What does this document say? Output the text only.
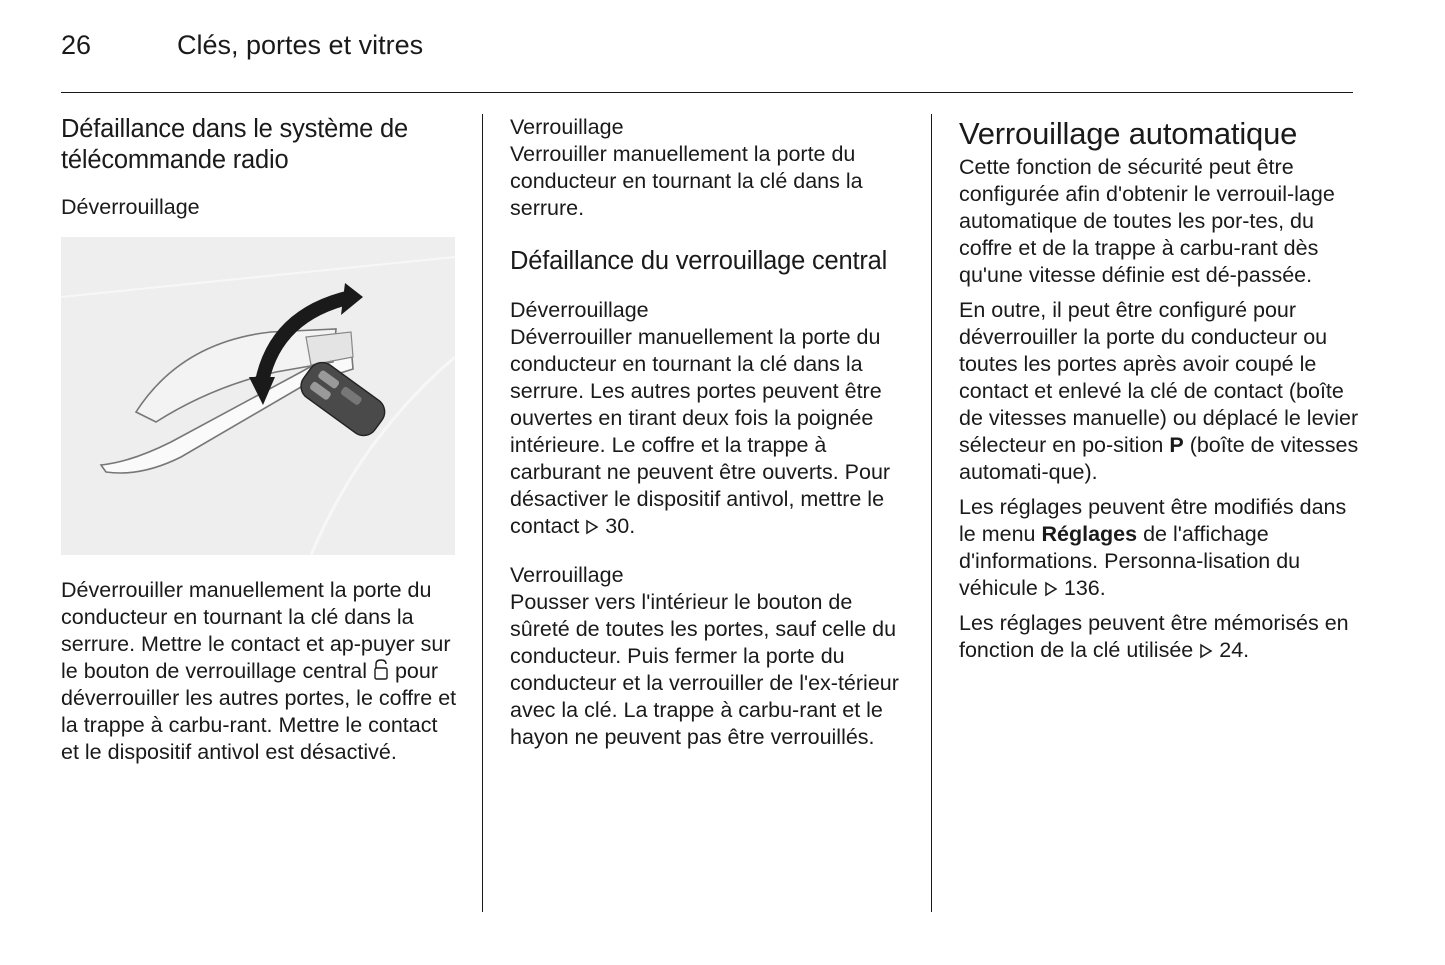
26	Clés, portes et vitres
Défaillance dans le système de télécommande radio
Déverrouillage

Déverrouiller manuellement la porte du conducteur en tournant la clé dans la serrure. Mettre le contact et ap-puyer sur le bouton de verrouillage central pour déverrouiller les autres portes, le coffre et la trappe à carbu-rant. Mettre le contact et le dispositif antivol est désactivé.

Verrouillage

Verrouiller manuellement la porte du conducteur en tournant la clé dans la serrure.

Défaillance du verrouillage central
Déverrouillage

Déverrouiller manuellement la porte du conducteur en tournant la clé dans la serrure. Les autres portes peuvent être ouvertes en tirant deux fois la poignée intérieure. Le coffre et la trappe à carburant ne peuvent être ouverts. Pour désactiver le dispositif antivol, mettre le contact 30.

Verrouillage

Pousser vers l'intérieur le bouton de sûreté de toutes les portes, sauf celle du conducteur. Puis fermer la porte du conducteur et la verrouiller de l'ex-térieur avec la clé. La trappe à carbu-rant et le hayon ne peuvent pas être verrouillés.

Verrouillage automatique

Cette fonction de sécurité peut être configurée afin d'obtenir le verrouil-lage automatique de toutes les por-tes, du coffre et de la trappe à carbu-rant dès qu'une vitesse définie est dé-passée.

En outre, il peut être configuré pour déverrouiller la porte du conducteur ou toutes les portes après avoir coupé le contact et enlevé la clé de contact (boîte de vitesses manuelle) ou déplacé le levier sélecteur en po-sition P (boîte de vitesses automati-que).

Les réglages peuvent être modifiés dans le menu Réglages de l'affichage d'informations. Personna-lisation du véhicule 136.

Les réglages peuvent être mémorisés en fonction de la clé utilisée 24.
